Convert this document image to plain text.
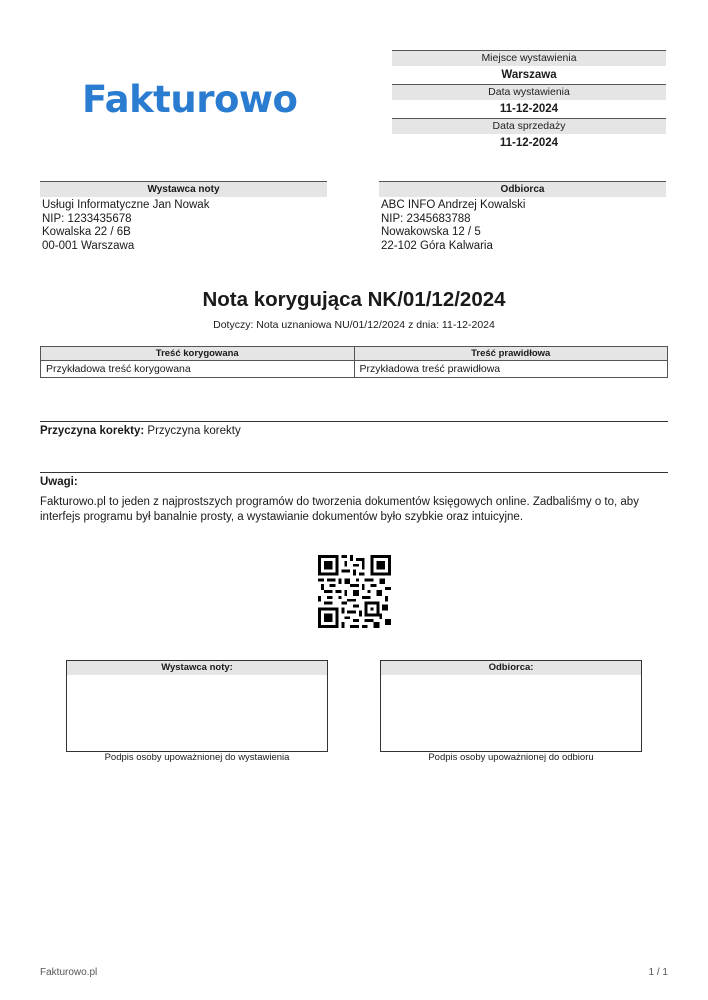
Fakturowo
Miejsce wystawienia
Warszawa
Data wystawienia
11-12-2024
Data sprzedaży
11-12-2024
Wystawca noty
Usługi Informatyczne Jan Nowak
NIP: 1233435678
Kowalska 22 / 6B
00-001 Warszawa
Odbiorca
ABC INFO Andrzej Kowalski
NIP: 2345683788
Nowakowska 12 / 5
22-102 Góra Kalwaria
Nota korygująca NK/01/12/2024
Dotyczy: Nota uznaniowa NU/01/12/2024 z dnia: 11-12-2024
Treść korygowana	Treść prawidłowa
Przykładowa treść korygowana	Przykładowa treść prawidłowa
Przyczyna korekty: Przyczyna korekty
Uwagi:
Fakturowo.pl to jeden z najprostszych programów do tworzenia dokumentów księgowych online. Zadbaliśmy o to, aby interfejs programu był banalnie prosty, a wystawianie dokumentów było szybkie oraz intuicyjne.
Wystawca noty:	Odbiorca:
Podpis osoby upoważnionej do wystawienia	Podpis osoby upoważnionej do odbioru
Fakturowo.pl	1 / 1
